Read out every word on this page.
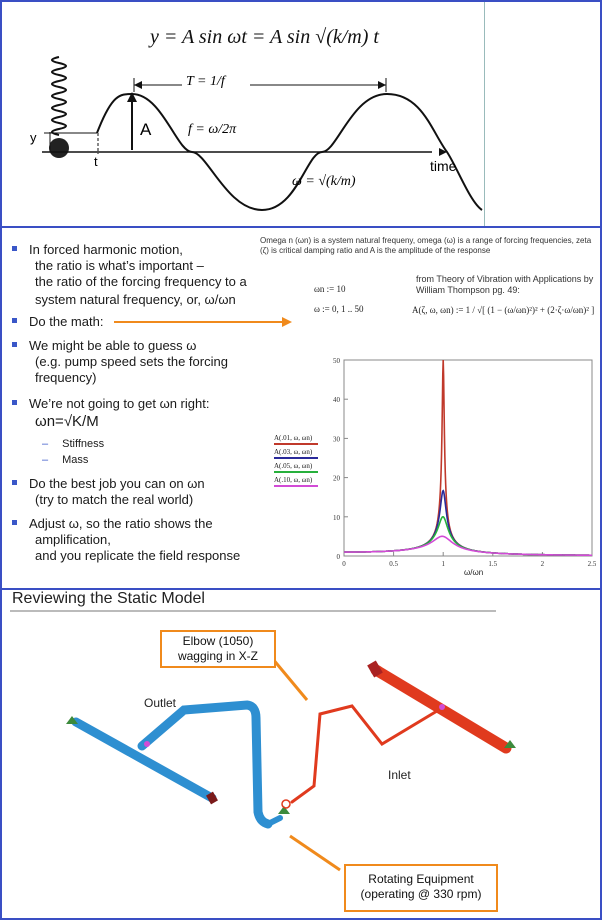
y = A sin ωt = A sin √(k/m) t
y
t
A
T = 1/f
f = ω/2π
ω = √(k/m)
time
In forced harmonic motion,
the ratio is what’s important –
the ratio of the forcing frequency to a
system natural frequency, or, ω/ωn
Do the math:
We might be able to guess ω
(e.g. pump speed sets the forcing
frequency)
We’re not going to get ωn right:
ωn=√K/M
– Stiffness
– Mass
Do the best job you can on ωn
(try to match the real world)
Adjust ω, so the ratio shows the
amplification,
and you replicate the field response
Omega n (ωn) is a system natural frequeny, omega (ω) is a range of forcing frequencies, zeta (ζ) is critical damping ratio and A is the amplitude of the response
ωn := 10
ω := 0, 1 .. 50
from Theory of Vibration with Applications by William Thompson pg. 49:
A(ζ, ω, ωn) := 1 / √[ (1 − (ω/ωn)²)² + (2·ζ·ω/ωn)² ]
0
10
20
30
40
50
0	0.5	1	1.5	2	2.5
ω/ωn
A(.01, ω, ωn)
A(.03, ω, ωn)
A(.05, ω, ωn)
A(.10, ω, ωn)
Reviewing the Static Model
Outlet
Inlet
Elbow (1050)
wagging in X-Z
Rotating Equipment
(operating @ 330 rpm)
